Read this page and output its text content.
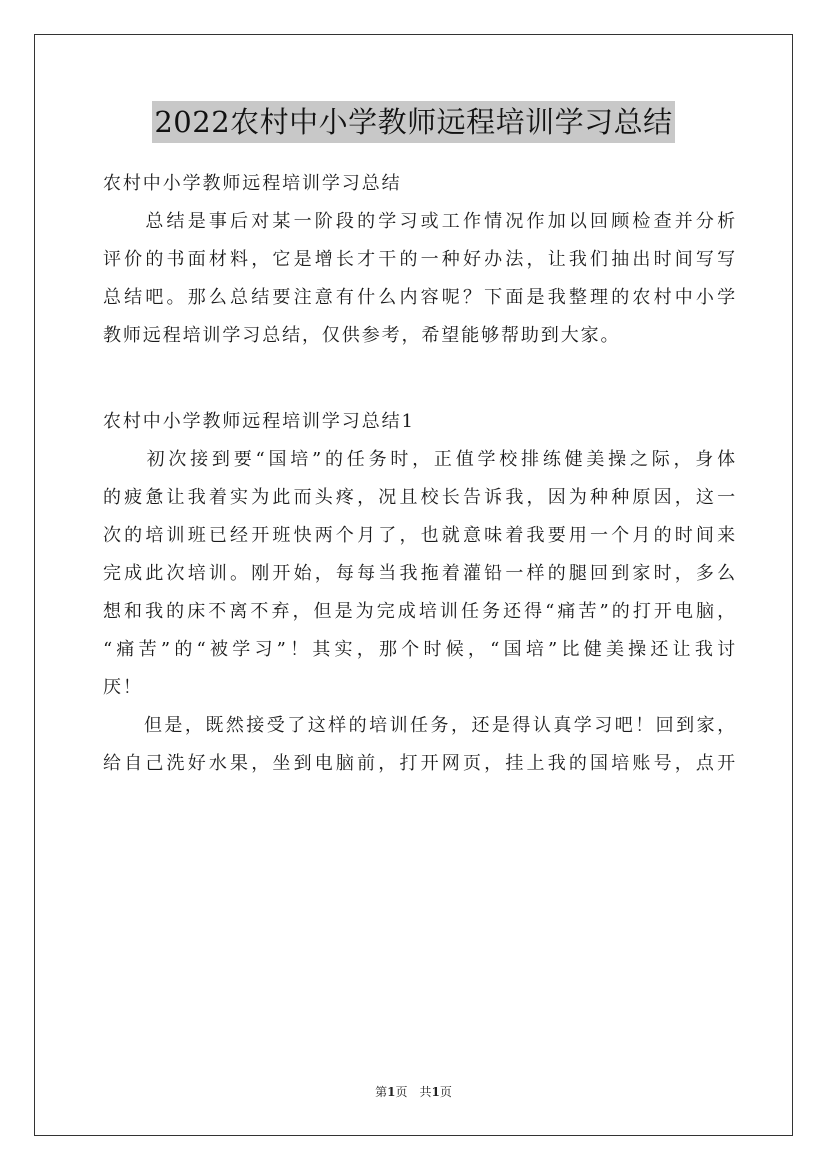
2022农村中小学教师远程培训学习总结

农村中小学教师远程培训学习总结

　　总结是事后对某一阶段的学习或工作情况作加以回顾检查并分析

评价的书面材料，它是增长才干的一种好办法，让我们抽出时间写写

总结吧。那么总结要注意有什么内容呢？下面是我整理的农村中小学

教师远程培训学习总结，仅供参考，希望能够帮助到大家。

农村中小学教师远程培训学习总结1

　　初次接到要“国培”的任务时，正值学校排练健美操之际，身体

的疲惫让我着实为此而头疼，况且校长告诉我，因为种种原因，这一

次的培训班已经开班快两个月了，也就意味着我要用一个月的时间来

完成此次培训。刚开始，每每当我拖着灌铅一样的腿回到家时，多么

想和我的床不离不弃，但是为完成培训任务还得“痛苦”的打开电脑，

“痛苦”的“被学习”！其实，那个时候，“国培”比健美操还让我讨

厌！

　　但是，既然接受了这样的培训任务，还是得认真学习吧！回到家，

给自己洗好水果，坐到电脑前，打开网页，挂上我的国培账号，点开

第1页　共1页
